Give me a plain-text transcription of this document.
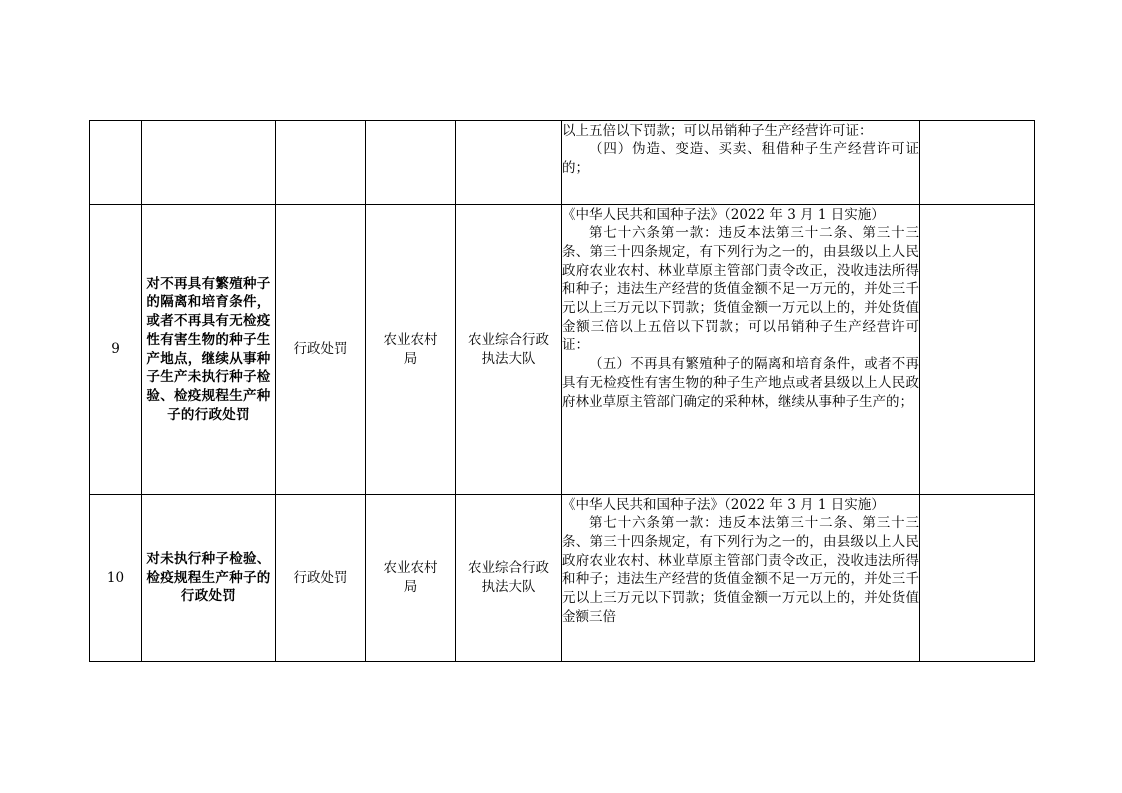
					以上五倍以下罚款；可以吊销种子生产经营许可证：

（四）伪造、变造、买卖、租借种子生产经营许可证的；	

9	对不再具有繁殖种子的隔离和培育条件，或者不再具有无检疫性有害生物的种子生产地点，继续从事种子生产未执行种子检验、检疫规程生产种子的行政处罚	行政处罚	农业农村局	农业综合行政执法大队	《中华人民共和国种子法》（2022 年 3 月 1 日实施）

第七十六条第一款：违反本法第三十二条、第三十三条、第三十四条规定，有下列行为之一的，由县级以上人民政府农业农村、林业草原主管部门责令改正，没收违法所得和种子；违法生产经营的货值金额不足一万元的，并处三千元以上三万元以下罚款；货值金额一万元以上的，并处货值金额三倍以上五倍以下罚款；可以吊销种子生产经营许可证：

（五）不再具有繁殖种子的隔离和培育条件，或者不再具有无检疫性有害生物的种子生产地点或者县级以上人民政府林业草原主管部门确定的采种林，继续从事种子生产的；	

10	对未执行种子检验、检疫规程生产种子的行政处罚	行政处罚	农业农村局	农业综合行政执法大队	《中华人民共和国种子法》（2022 年 3 月 1 日实施）

第七十六条第一款：违反本法第三十二条、第三十三条、第三十四条规定，有下列行为之一的，由县级以上人民政府农业农村、林业草原主管部门责令改正，没收违法所得和种子；违法生产经营的货值金额不足一万元的，并处三千元以上三万元以下罚款；货值金额一万元以上的，并处货值金额三倍	
